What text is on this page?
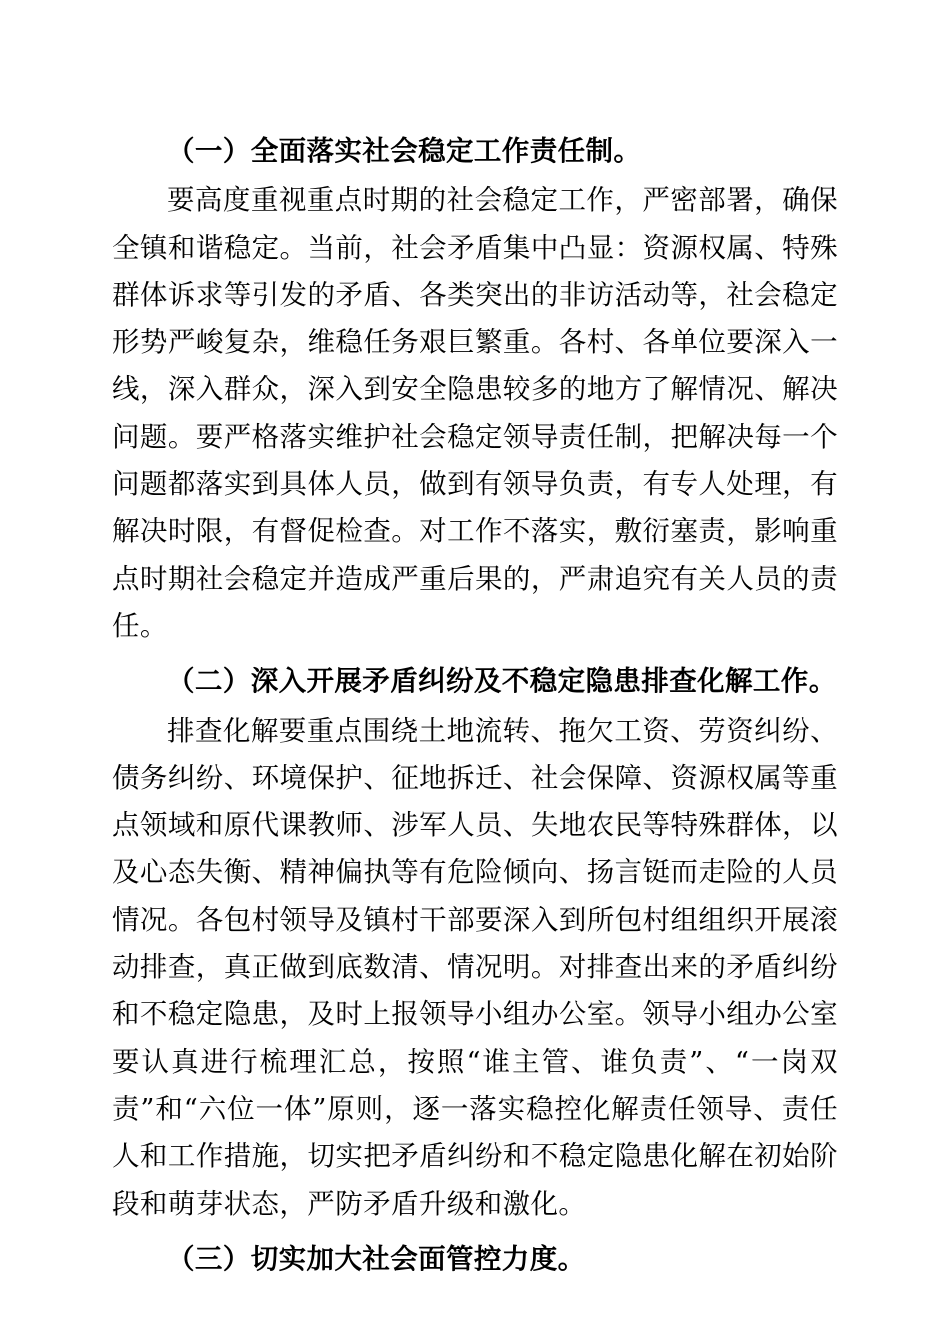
（一）全面落实社会稳定工作责任制。

要高度重视重点时期的社会稳定工作，严密部署，确保全镇和谐稳定。当前，社会矛盾集中凸显：资源权属、特殊群体诉求等引发的矛盾、各类突出的非访活动等，社会稳定形势严峻复杂，维稳任务艰巨繁重。各村、各单位要深入一线，深入群众，深入到安全隐患较多的地方了解情况、解决问题。要严格落实维护社会稳定领导责任制，把解决每一个问题都落实到具体人员，做到有领导负责，有专人处理，有解决时限，有督促检查。对工作不落实，敷衍塞责，影响重点时期社会稳定并造成严重后果的，严肃追究有关人员的责任。

（二）深入开展矛盾纠纷及不稳定隐患排查化解工作。

排查化解要重点围绕土地流转、拖欠工资、劳资纠纷、债务纠纷、环境保护、征地拆迁、社会保障、资源权属等重点领域和原代课教师、涉军人员、失地农民等特殊群体，以及心态失衡、精神偏执等有危险倾向、扬言铤而走险的人员情况。各包村领导及镇村干部要深入到所包村组组织开展滚动排查，真正做到底数清、情况明。对排查出来的矛盾纠纷和不稳定隐患，及时上报领导小组办公室。领导小组办公室要认真进行梳理汇总，按照“谁主管、谁负责”、“一岗双责”和“六位一体”原则，逐一落实稳控化解责任领导、责任人和工作措施，切实把矛盾纠纷和不稳定隐患化解在初始阶段和萌芽状态，严防矛盾升级和激化。

（三）切实加大社会面管控力度。
